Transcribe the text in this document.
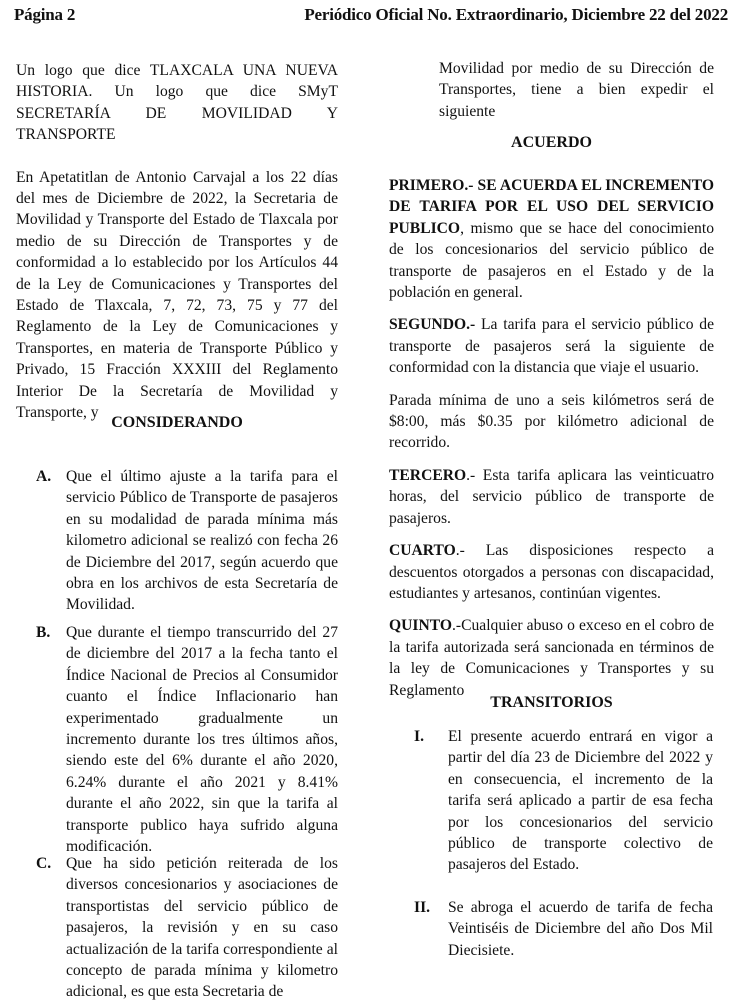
Página 2	Periódico Oficial No. Extraordinario, Diciembre 22 del 2022

Un logo que dice TLAXCALA UNA NUEVA HISTORIA. Un logo que dice SMyT SECRETARÍA DE MOVILIDAD Y TRANSPORTE

En Apetatitlan de Antonio Carvajal a los 22 días del mes de Diciembre de 2022, la Secretaria de Movilidad y Transporte del Estado de Tlaxcala por medio de su Dirección de Transportes y de conformidad a lo establecido por los Artículos 44 de la Ley de Comunicaciones y Transportes del Estado de Tlaxcala, 7, 72, 73, 75 y 77 del Reglamento de la Ley de Comunicaciones y Transportes, en materia de Transporte Público y Privado, 15 Fracción XXXIII del Reglamento Interior De la Secretaría de Movilidad y Transporte, y

CONSIDERANDO
A. Que el último ajuste a la tarifa para el servicio Público de Transporte de pasajeros en su modalidad de parada mínima más kilometro adicional se realizó con fecha 26 de Diciembre del 2017, según acuerdo que obra en los archivos de esta Secretaría de Movilidad.
B. Que durante el tiempo transcurrido del 27 de diciembre del 2017 a la fecha tanto el Índice Nacional de Precios al Consumidor cuanto el Índice Inflacionario han experimentado gradualmente un incremento durante los tres últimos años, siendo este del 6% durante el año 2020, 6.24% durante el año 2021 y 8.41% durante el año 2022, sin que la tarifa al transporte publico haya sufrido alguna modificación.
C. Que ha sido petición reiterada de los diversos concesionarios y asociaciones de transportistas del servicio público de pasajeros, la revisión y en su caso actualización de la tarifa correspondiente al concepto de parada mínima y kilometro adicional, es que esta Secretaria de

Movilidad por medio de su Dirección de Transportes, tiene a bien expedir el siguiente

ACUERDO

PRIMERO.- SE ACUERDA EL INCREMENTO DE TARIFA POR EL USO DEL SERVICIO PUBLICO, mismo que se hace del conocimiento de los concesionarios del servicio público de transporte de pasajeros en el Estado y de la población en general.

SEGUNDO.- La tarifa para el servicio público de transporte de pasajeros será la siguiente de conformidad con la distancia que viaje el usuario.

Parada mínima de uno a seis kilómetros será de $8:00, más $0.35 por kilómetro adicional de recorrido.

TERCERO.- Esta tarifa aplicara las veinticuatro horas, del servicio público de transporte de pasajeros.

CUARTO.- Las disposiciones respecto a descuentos otorgados a personas con discapacidad, estudiantes y artesanos, continúan vigentes.

QUINTO.-Cualquier abuso o exceso en el cobro de la tarifa autorizada será sancionada en términos de la ley de Comunicaciones y Transportes y su Reglamento

TRANSITORIOS
I. El presente acuerdo entrará en vigor a partir del día 23 de Diciembre del 2022 y en consecuencia, el incremento de la tarifa será aplicado a partir de esa fecha por los concesionarios del servicio público de transporte colectivo de pasajeros del Estado.
II. Se abroga el acuerdo de tarifa de fecha Veintiséis de Diciembre del año Dos Mil Diecisiete.
